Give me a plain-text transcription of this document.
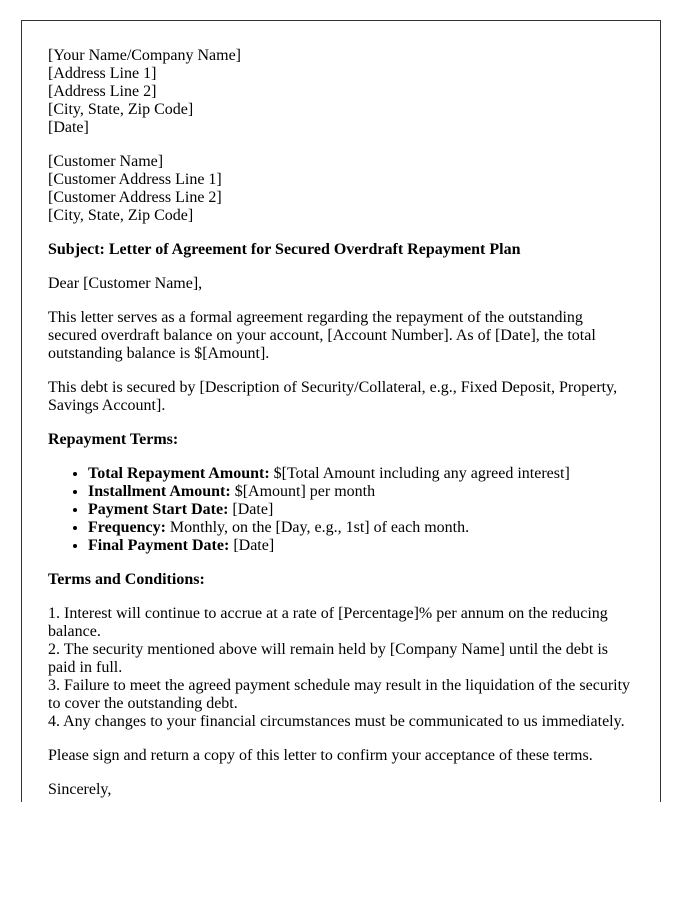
[Your Name/Company Name]
[Address Line 1]
[Address Line 2]
[City, State, Zip Code]
[Date]
[Customer Name]
[Customer Address Line 1]
[Customer Address Line 2]
[City, State, Zip Code]
Subject: Letter of Agreement for Secured Overdraft Repayment Plan
Dear [Customer Name],
This letter serves as a formal agreement regarding the repayment of the outstanding secured overdraft balance on your account, [Account Number]. As of [Date], the total outstanding balance is $[Amount].
This debt is secured by [Description of Security/Collateral, e.g., Fixed Deposit, Property, Savings Account].
Repayment Terms:
• Total Repayment Amount: $[Total Amount including any agreed interest]
• Installment Amount: $[Amount] per month
• Payment Start Date: [Date]
• Frequency: Monthly, on the [Day, e.g., 1st] of each month.
• Final Payment Date: [Date]
Terms and Conditions:
1. Interest will continue to accrue at a rate of [Percentage]% per annum on the reducing balance.
2. The security mentioned above will remain held by [Company Name] until the debt is paid in full.
3. Failure to meet the agreed payment schedule may result in the liquidation of the security to cover the outstanding debt.
4. Any changes to your financial circumstances must be communicated to us immediately.
Please sign and return a copy of this letter to confirm your acceptance of these terms.
Sincerely,
